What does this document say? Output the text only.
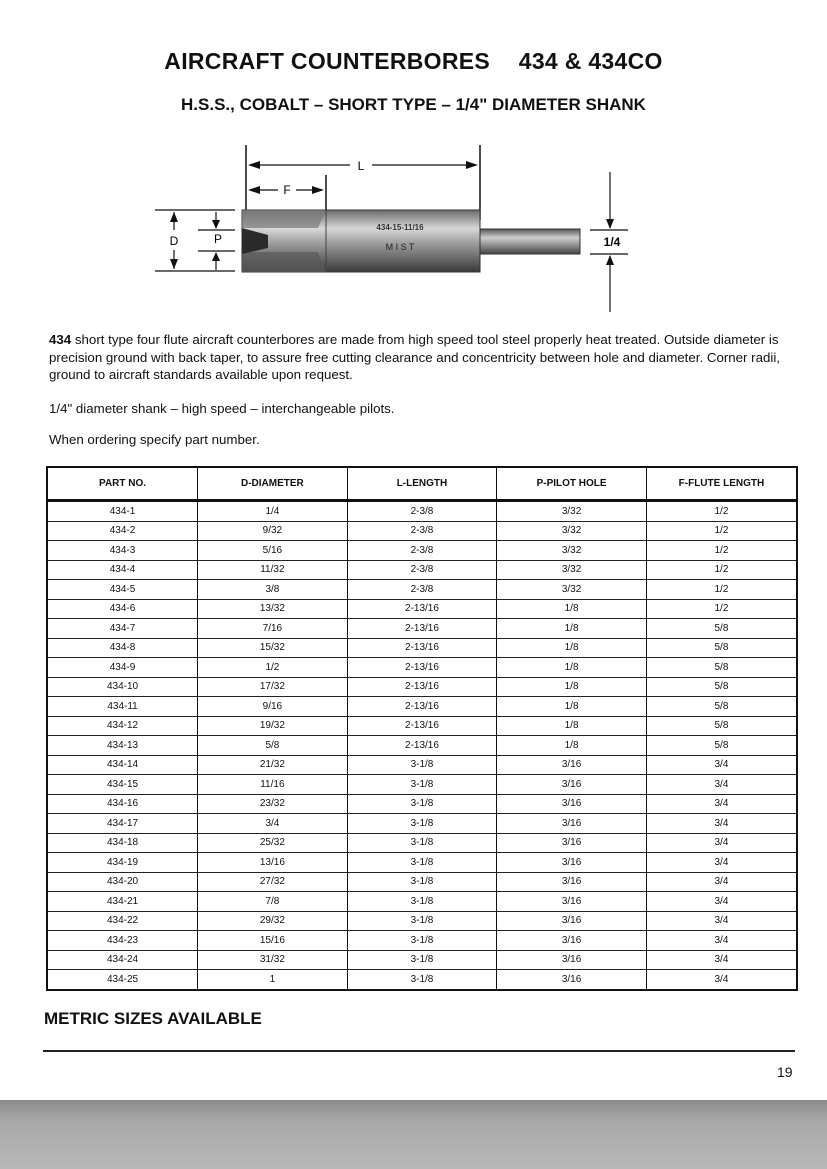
AIRCRAFT COUNTERBORES 434 & 434CO
H.S.S., COBALT – SHORT TYPE – 1/4" DIAMETER SHANK
L
F
D	P
434-15-11/16
M I S T	1/4
434 short type four flute aircraft counterbores are made from high speed tool steel properly heat treated. Outside diameter is precision ground with back taper, to assure free cutting clearance and concentricity between hole and diameter. Corner radii, ground to aircraft standards available upon request.
1/4" diameter shank – high speed – interchangeable pilots.
When ordering specify part number.
PART NO.	D-DIAMETER	L-LENGTH	P-PILOT HOLE	F-FLUTE LENGTH
434-1	1/4	2-3/8	3/32	1/2
434-2	9/32	2-3/8	3/32	1/2
434-3	5/16	2-3/8	3/32	1/2
434-4	11/32	2-3/8	3/32	1/2
434-5	3/8	2-3/8	3/32	1/2
434-6	13/32	2-13/16	1/8	1/2
434-7	7/16	2-13/16	1/8	5/8
434-8	15/32	2-13/16	1/8	5/8
434-9	1/2	2-13/16	1/8	5/8
434-10	17/32	2-13/16	1/8	5/8
434-11	9/16	2-13/16	1/8	5/8
434-12	19/32	2-13/16	1/8	5/8
434-13	5/8	2-13/16	1/8	5/8
434-14	21/32	3-1/8	3/16	3/4
434-15	11/16	3-1/8	3/16	3/4
434-16	23/32	3-1/8	3/16	3/4
434-17	3/4	3-1/8	3/16	3/4
434-18	25/32	3-1/8	3/16	3/4
434-19	13/16	3-1/8	3/16	3/4
434-20	27/32	3-1/8	3/16	3/4
434-21	7/8	3-1/8	3/16	3/4
434-22	29/32	3-1/8	3/16	3/4
434-23	15/16	3-1/8	3/16	3/4
434-24	31/32	3-1/8	3/16	3/4
434-25	1	3-1/8	3/16	3/4
METRIC SIZES AVAILABLE
19
